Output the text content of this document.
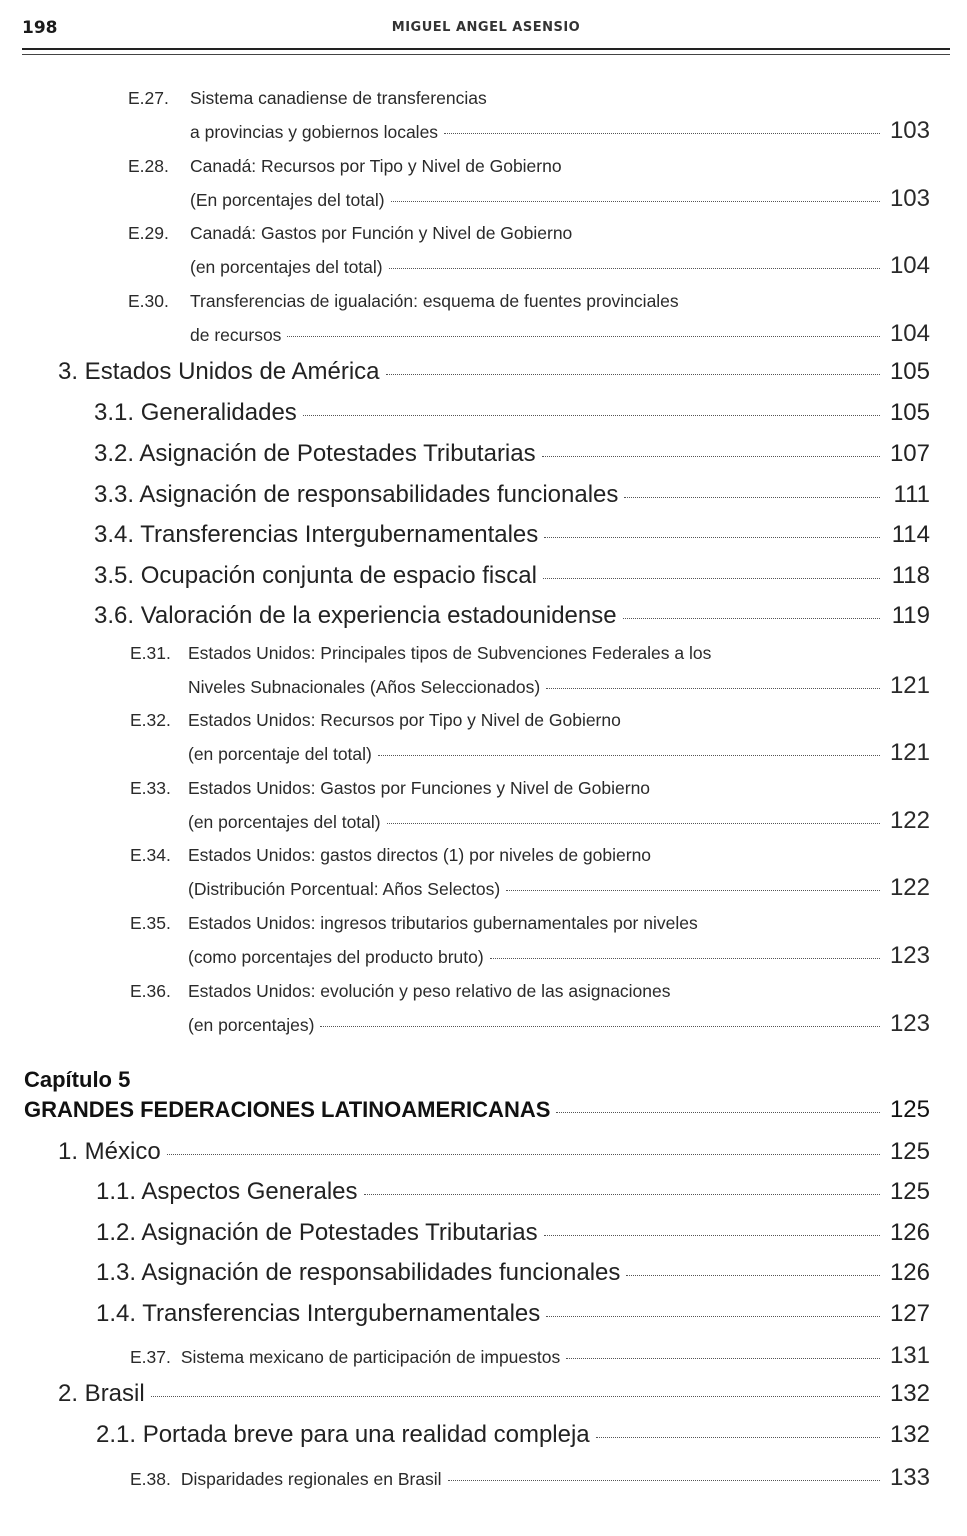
198	MIGUEL ANGEL ASENSIO
E.27.	Sistema canadiense de transferencias
a provincias y gobiernos locales	103
E.28.	Canadá: Recursos por Tipo y Nivel de Gobierno
(En porcentajes del total)	103
E.29.	Canadá: Gastos por Función y Nivel de Gobierno
(en porcentajes del total)	104
E.30.	Transferencias de igualación: esquema de fuentes provinciales
de recursos	104
3. Estados Unidos de América	105
3.1. Generalidades	105
3.2. Asignación de Potestades Tributarias	107
3.3. Asignación de responsabilidades funcionales	111
3.4. Transferencias Intergubernamentales	114
3.5. Ocupación conjunta de espacio fiscal	118
3.6. Valoración de la experiencia estadounidense	119
E.31. Estados Unidos: Principales tipos de Subvenciones Federales a los
Niveles Subnacionales (Años Seleccionados)	121
E.32. Estados Unidos: Recursos por Tipo y Nivel de Gobierno
(en porcentaje del total)	121
E.33. Estados Unidos: Gastos por Funciones y Nivel de Gobierno
(en porcentajes del total)	122
E.34. Estados Unidos: gastos directos (1) por niveles de gobierno
(Distribución Porcentual: Años Selectos)	122
E.35. Estados Unidos: ingresos tributarios gubernamentales por niveles
(como porcentajes del producto bruto)	123
E.36. Estados Unidos: evolución y peso relativo de las asignaciones
(en porcentajes)	123
Capítulo 5
GRANDES FEDERACIONES LATINOAMERICANAS	125
1. México	125
1.1. Aspectos Generales	125
1.2. Asignación de Potestades Tributarias	126
1.3. Asignación de responsabilidades funcionales	126
1.4. Transferencias Intergubernamentales	127
E.37. Sistema mexicano de participación de impuestos	131
2. Brasil	132
2.1. Portada breve para una realidad compleja	132
E.38. Disparidades regionales en Brasil	133
